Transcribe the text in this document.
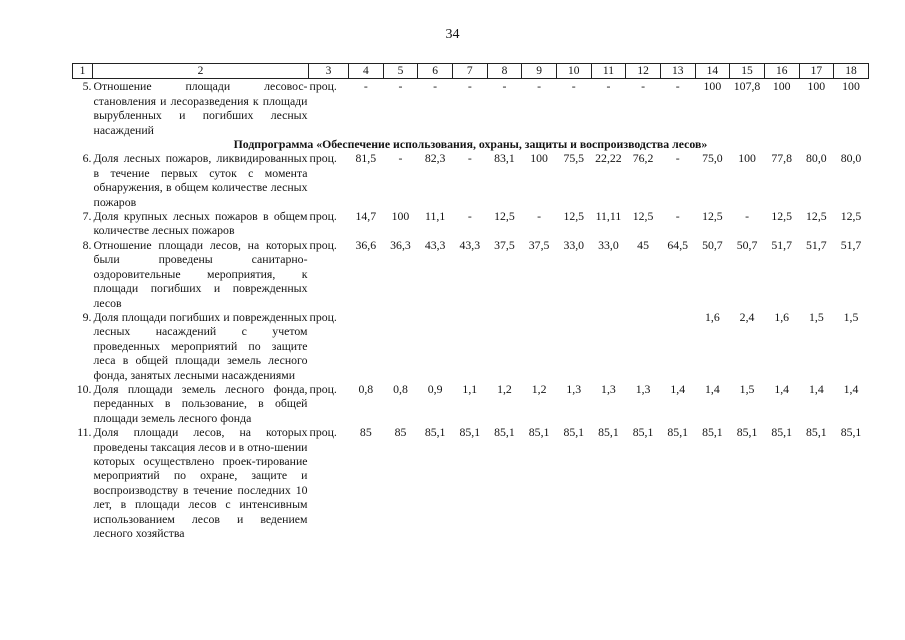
34
1	2	3	4	5	6	7	8	9	10	11	12	13	14	15	16	17	18
5.	Отношение площади лесовос-становления и лесоразведения к площади вырубленных и погибших лесных насаждений	проц.	-	-	-	-	-	-	-	-	-	-	100	107,8	100	100	100
Подпрограмма «Обеспечение использования, охраны, защиты и воспроизводства лесов»																	
6.	Доля лесных пожаров, ликвидированных в течение первых суток с момента обнаружения, в общем количестве лесных пожаров	проц.	81,5	-	82,3	-	83,1	100	75,5	22,22	76,2	-	75,0	100	77,8	80,0	80,0
7.	Доля крупных лесных пожаров в общем количестве лесных пожаров	проц.	14,7	100	11,1	-	12,5	-	12,5	11,11	12,5	-	12,5	-	12,5	12,5	12,5
8.	Отношение площади лесов, на которых были проведены санитарно-оздоровительные мероприятия, к площади погибших и поврежденных лесов	проц.	36,6	36,3	43,3	43,3	37,5	37,5	33,0	33,0	45	64,5	50,7	50,7	51,7	51,7	51,7
9.	Доля площади погибших и поврежденных лесных насаждений с учетом проведенных мероприятий по защите леса в общей площади земель лесного фонда, занятых лесными насаждениями	проц.											1,6	2,4	1,6	1,5	1,5
10.	Доля площади земель лесного фонда, переданных в пользование, в общей площади земель лесного фонда	проц.	0,8	0,8	0,9	1,1	1,2	1,2	1,3	1,3	1,3	1,4	1,4	1,5	1,4	1,4	1,4
11.	Доля площади лесов, на которых проведены таксация лесов и в отно-шении которых осуществлено проек-тирование мероприятий по охране, защите и воспроизводству в течение последних 10 лет, в площади лесов с интенсивным использованием лесов и ведением лесного хозяйства	проц.	85	85	85,1	85,1	85,1	85,1	85,1	85,1	85,1	85,1	85,1	85,1	85,1	85,1	85,1
